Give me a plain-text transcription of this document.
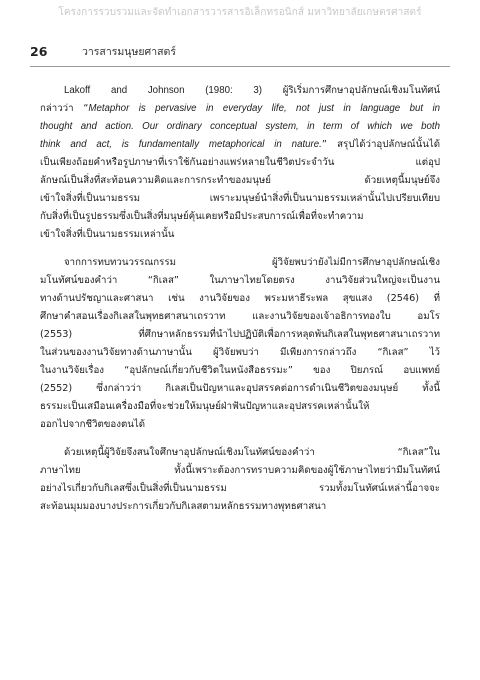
โครงการรวบรวมและจัดทำเอกสารวารสารอิเล็กทรอนิกส์ มหาวิทยาลัยเกษตรศาสตร์
26	วารสารมนุษยศาสตร์
Lakoff and Johnson (1980: 3) ผู้ริเริ่มการศึกษาอุปลักษณ์เชิงมโนทัศน์
กล่าวว่า “Metaphor is pervasive in everyday life, not just in language but in
thought and action. Our ordinary conceptual system, in term of which we both
think and act, is fundamentally metaphorical in nature.” สรุปได้ว่าอุปลักษณ์นั้นได้
เป็นเพียงถ้อยคำหรือรูปภาษาที่เราใช้กันอย่างแพร่หลายในชีวิตประจำวัน แต่อุป
ลักษณ์เป็นสิ่งที่สะท้อนความคิดและการกระทำของมนุษย์ ด้วยเหตุนี้มนุษย์จึง
เข้าใจสิ่งที่เป็นนามธรรม เพราะมนุษย์นำสิ่งที่เป็นนามธรรมเหล่านั้นไปเปรียบเทียบ
กับสิ่งที่เป็นรูปธรรมซึ่งเป็นสิ่งที่มนุษย์คุ้นเคยหรือมีประสบการณ์เพื่อที่จะทำความ
เข้าใจสิ่งที่เป็นนามธรรมเหล่านั้น
จากการทบทวนวรรณกรรม ผู้วิจัยพบว่ายังไม่มีการศึกษาอุปลักษณ์เชิง
มโนทัศน์ของคำว่า “กิเลส” ในภาษาไทยโดยตรง งานวิจัยส่วนใหญ่จะเป็นงาน
ทางด้านปรัชญาและศาสนา เช่น งานวิจัยของ พระมหาธีระพล สุขแสง (2546) ที่
ศึกษาคำสอนเรื่องกิเลสในพุทธศาสนาเถรวาท และงานวิจัยของเจ้าอธิการทองใบ อมโร
(2553) ที่ศึกษาหลักธรรมที่นำไปปฏิบัติเพื่อการหลุดพ้นกิเลสในพุทธศาสนาเถรวาท
ในส่วนของงานวิจัยทางด้านภาษานั้น ผู้วิจัยพบว่า มีเพียงการกล่าวถึง “กิเลส” ไว้
ในงานวิจัยเรื่อง “อุปลักษณ์เกี่ยวกับชีวิตในหนังสือธรรมะ” ของ ปิยภรณ์ อบแพทย์
(2552) ซึ่งกล่าวว่า กิเลสเป็นปัญหาและอุปสรรคต่อการดำเนินชีวิตของมนุษย์ ทั้งนี้
ธรรมะเป็นเสมือนเครื่องมือที่จะช่วยให้มนุษย์ฝ่าฟันปัญหาและอุปสรรคเหล่านั้นให้
ออกไปจากชีวิตของตนได้
ด้วยเหตุนี้ผู้วิจัยจึงสนใจศึกษาอุปลักษณ์เชิงมโนทัศน์ของคำว่า “กิเลส”ใน
ภาษาไทย ทั้งนี้เพราะต้องการทราบความคิดของผู้ใช้ภาษาไทยว่ามีมโนทัศน์
อย่างไรเกี่ยวกับกิเลสซึ่งเป็นสิ่งที่เป็นนามธรรม รวมทั้งมโนทัศน์เหล่านี้อาจจะ
สะท้อนมุมมองบางประการเกี่ยวกับกิเลสตามหลักธรรมทางพุทธศาสนา
